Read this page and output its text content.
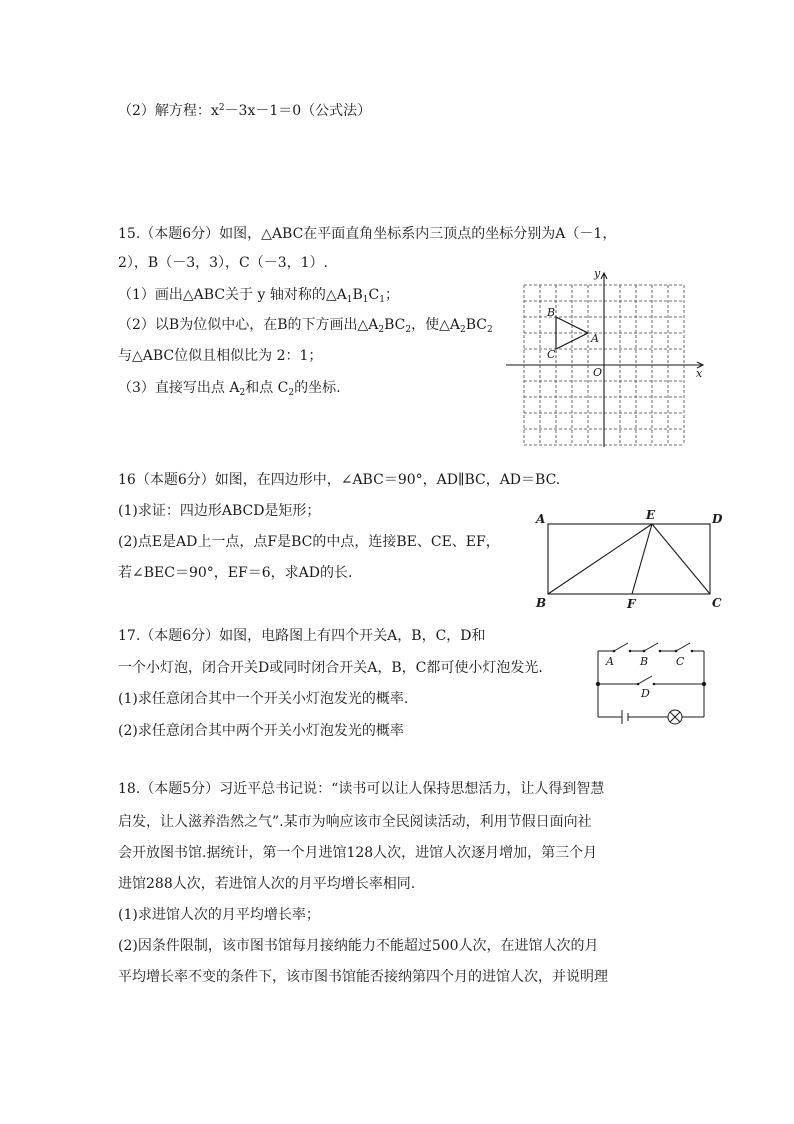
（2）解方程：$x^2-3x-1=0$（公式法）
15.（本题6分）如图，△ABC在平面直角坐标系内三顶点的坐标分别为A（－1，
2），B（－3，3），C（－3，1）.
（1）画出△ABC关于 y 轴对称的$\triangle A_1B_1C_1$；
（2）以B为位似中心，在B的下方画出$\triangle A_2BC_2$，使$\triangle A_2BC_2$
与△ABC位似且相似比为 2：1；
（3）直接写出点 $A_2$和点 $C_2$的坐标.
x
y
O
A
B
C
16（本题6分）如图，在四边形中，∠ABC＝90°，AD∥BC，AD＝BC.
(1)求证：四边形ABCD是矩形；
(2)点E是AD上一点，点F是BC的中点，连接BE、CE、EF，
若∠BEC＝90°，EF＝6，求AD的长.
A	E	D
B	F	C
17.（本题6分）如图，电路图上有四个开关A，B，C，D和
一个小灯泡，闭合开关D或同时闭合开关A，B，C都可使小灯泡发光.
(1)求任意闭合其中一个开关小灯泡发光的概率.
(2)求任意闭合其中两个开关小灯泡发光的概率
A B	C
D
18.（本题5分）习近平总书记说：“读书可以让人保持思想活力，让人得到智慧
启发，让人滋养浩然之气”.某市为响应该市全民阅读活动，利用节假日面向社
会开放图书馆.据统计，第一个月进馆128人次，进馆人次逐月增加，第三个月
进馆288人次，若进馆人次的月平均增长率相同.
(1)求进馆人次的月平均增长率；
(2)因条件限制，该市图书馆每月接纳能力不能超过500人次，在进馆人次的月
平均增长率不变的条件下，该市图书馆能否接纳第四个月的进馆人次，并说明理
